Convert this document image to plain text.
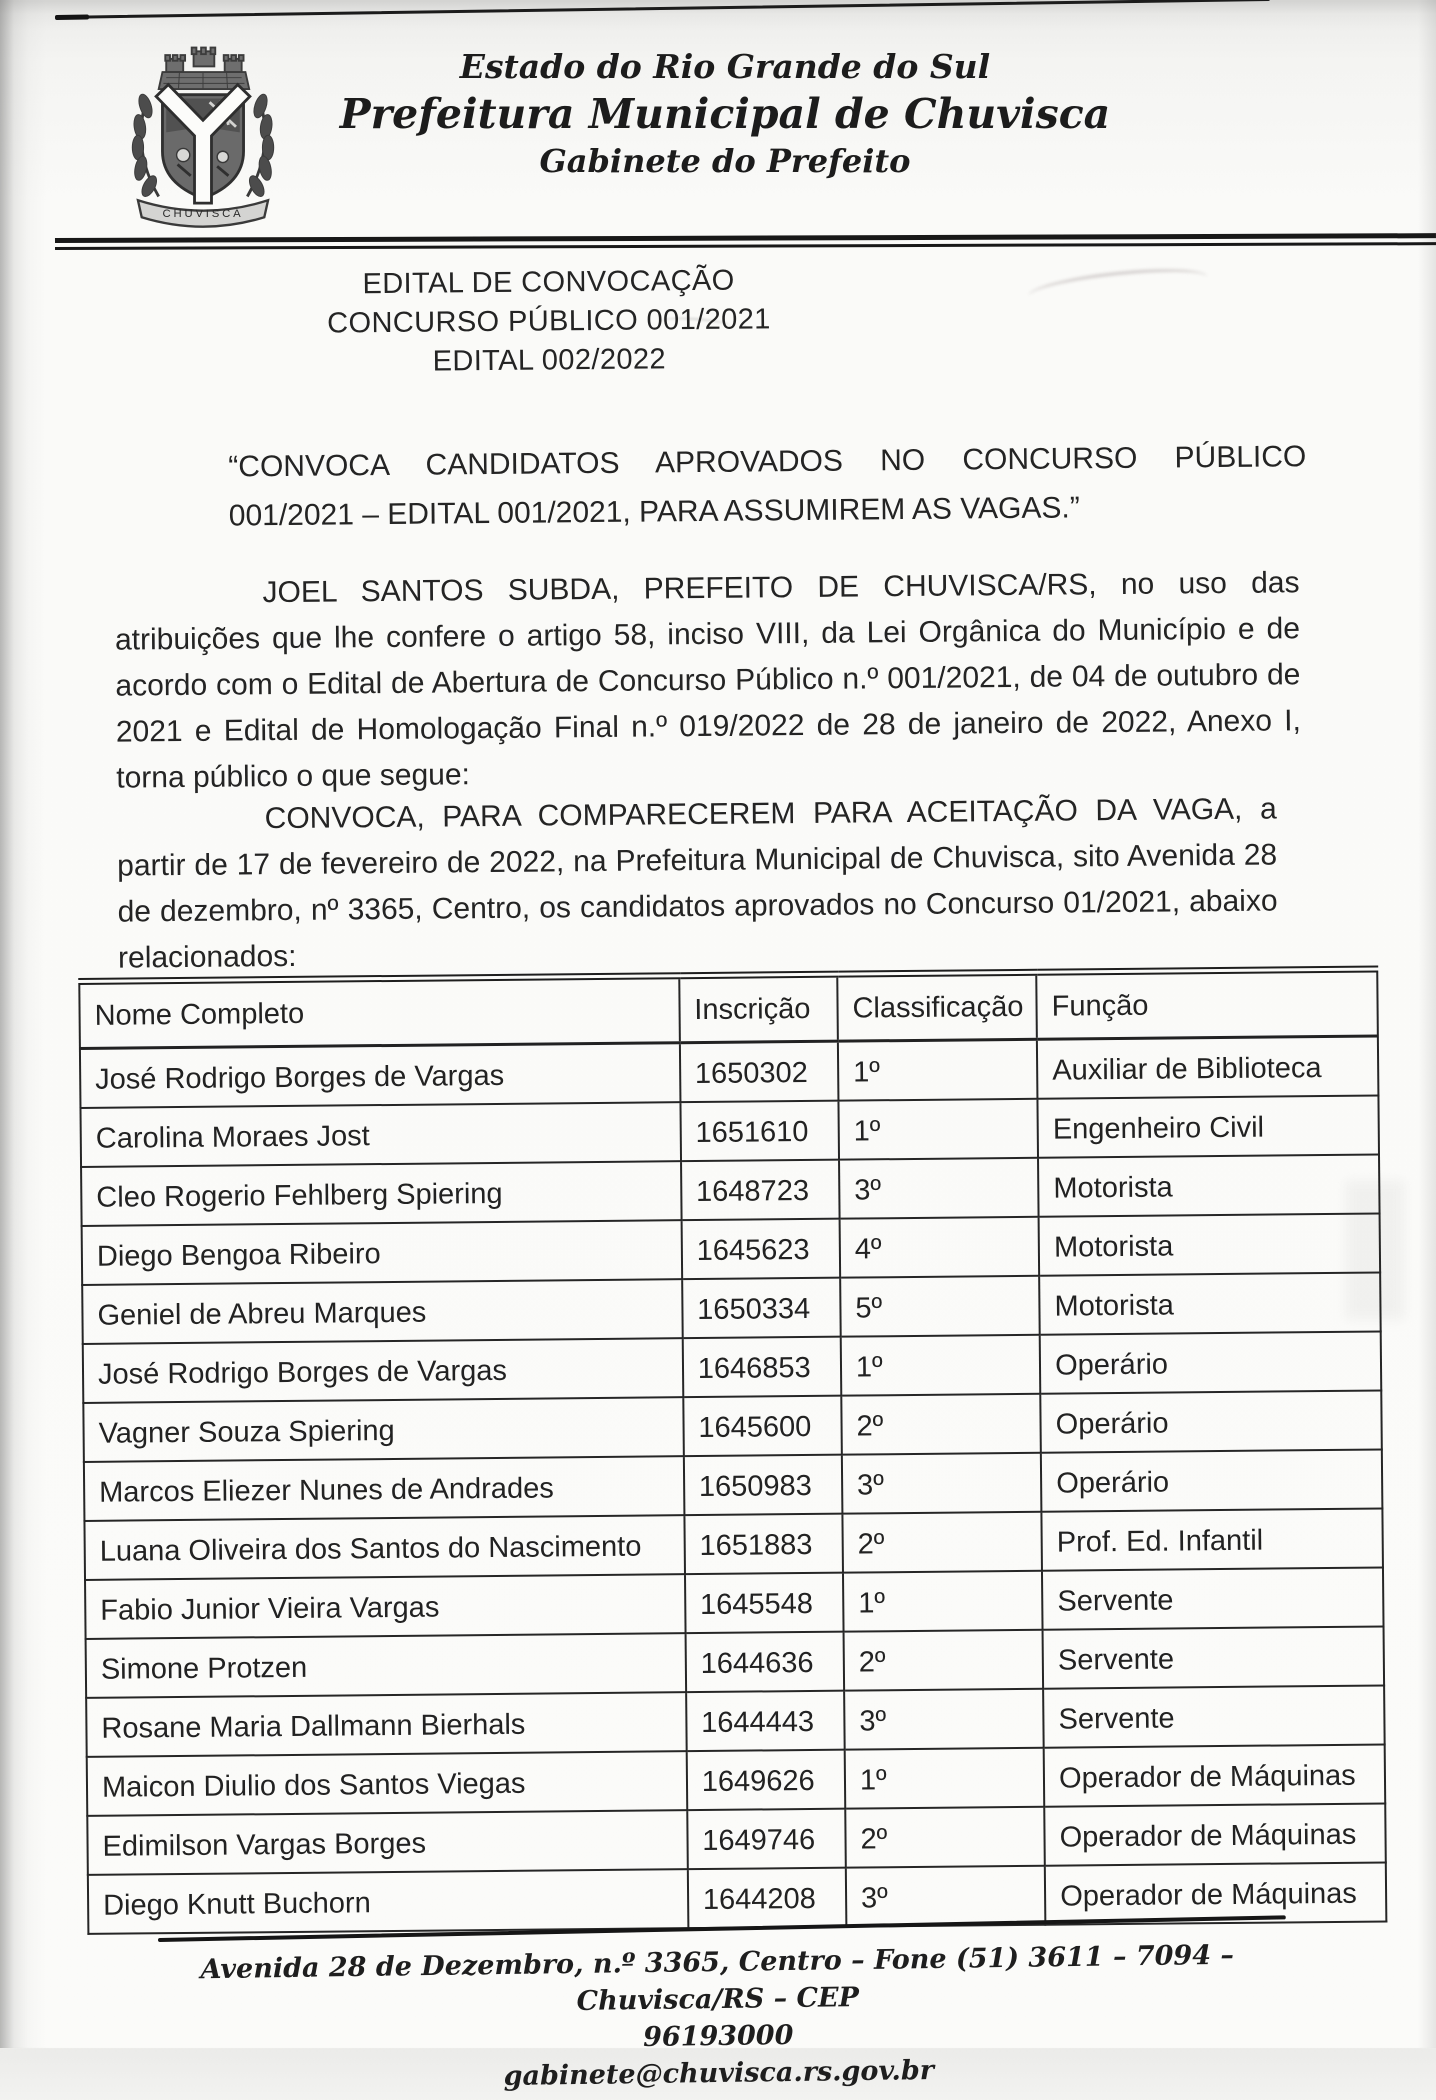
CHUVISCA
Estado do Rio Grande do Sul
Prefeitura Municipal de Chuvisca
Gabinete do Prefeito
EDITAL DE CONVOCAÇÃO
CONCURSO PÚBLICO 001/2021
EDITAL 002/2022
“CONVOCA CANDIDATOS APROVADOS NO CONCURSO PÚBLICO
001/2021 – EDITAL 001/2021, PARA ASSUMIREM AS VAGAS.”
JOEL SANTOS SUBDA, PREFEITO DE CHUVISCA/RS, no uso das atribuições que lhe confere o artigo 58, inciso VIII, da Lei Orgânica do Município e de acordo com o Edital de Abertura de Concurso Público n.º 001/2021, de 04 de outubro de 2021 e Edital de Homologação Final n.º 019/2022 de 28 de janeiro de 2022, Anexo I, torna público o que segue:
CONVOCA, PARA COMPARECEREM PARA ACEITAÇÃO DA VAGA, a partir de 17 de fevereiro de 2022, na Prefeitura Municipal de Chuvisca, sito Avenida 28 de dezembro, nº 3365, Centro, os candidatos aprovados no Concurso 01/2021, abaixo relacionados:
Nome Completo	Inscrição	Classificação	Função
José Rodrigo Borges de Vargas	1650302	1º	Auxiliar de Biblioteca
Carolina Moraes Jost	1651610	1º	Engenheiro Civil
Cleo Rogerio Fehlberg Spiering	1648723	3º	Motorista
Diego Bengoa Ribeiro	1645623	4º	Motorista
Geniel de Abreu Marques	1650334	5º	Motorista
José Rodrigo Borges de Vargas	1646853	1º	Operário
Vagner Souza Spiering	1645600	2º	Operário
Marcos Eliezer Nunes de Andrades	1650983	3º	Operário
Luana Oliveira dos Santos do Nascimento	1651883	2º	Prof. Ed. Infantil
Fabio Junior Vieira Vargas	1645548	1º	Servente
Simone Protzen	1644636	2º	Servente
Rosane Maria Dallmann Bierhals	1644443	3º	Servente
Maicon Diulio dos Santos Viegas	1649626	1º	Operador de Máquinas
Edimilson Vargas Borges	1649746	2º	Operador de Máquinas
Diego Knutt Buchorn	1644208	3º	Operador de Máquinas
Avenida 28 de Dezembro, n.º 3365, Centro – Fone (51) 3611 – 7094 – Chuvisca/RS – CEP
96193000
gabinete@chuvisca.rs.gov.br
